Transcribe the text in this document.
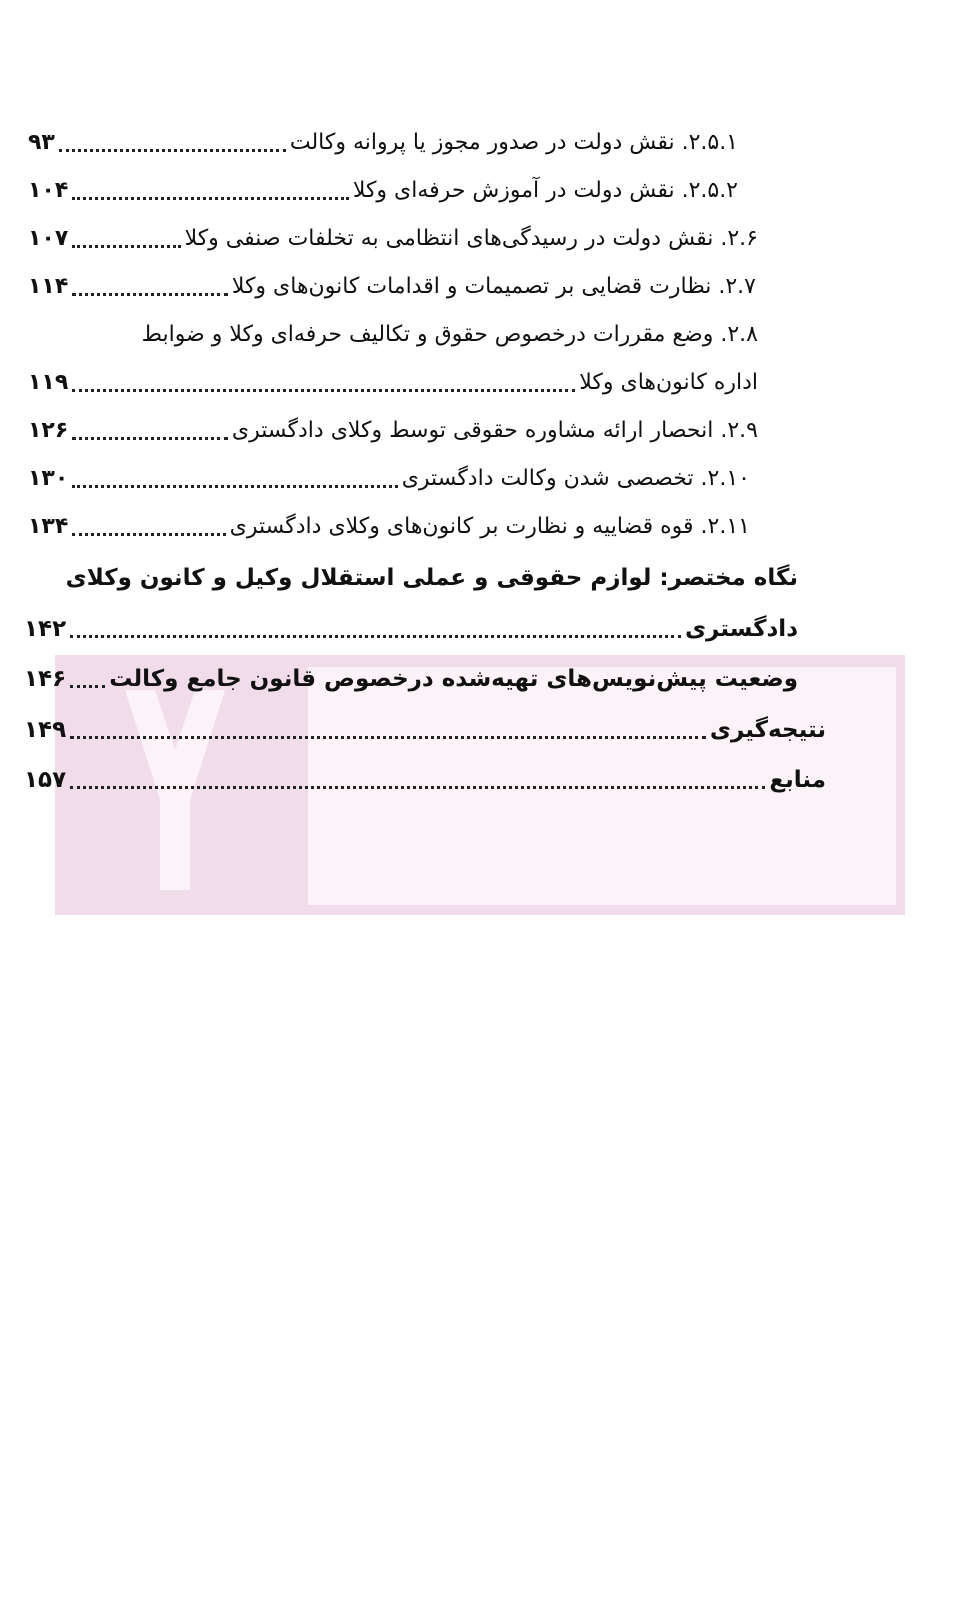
۲.۵.۱. نقش دولت در صدور مجوز یا پروانه وکالت
۹۳
۲.۵.۲. نقش دولت در آموزش حرفه‌ای وکلا
۱۰۴
۲.۶. نقش دولت در رسیدگی‌های انتظامی به تخلفات صنفی وکلا
۱۰۷
۲.۷. نظارت قضایی بر تصمیمات و اقدامات کانون‌های وکلا
۱۱۴
۲.۸. وضع مقررات درخصوص حقوق و تکالیف حرفه‌ای وکلا و ضوابط
اداره کانون‌های وکلا
۱۱۹
۲.۹. انحصار ارائه مشاوره حقوقی توسط وکلای دادگستری
۱۲۶
۲.۱۰. تخصصی شدن وکالت دادگستری
۱۳۰
۲.۱۱. قوه قضاییه و نظارت بر کانون‌های وکلای دادگستری
۱۳۴
نگاه مختصر: لوازم حقوقی و عملی استقلال وکیل و کانون وکلای
دادگستری
۱۴۲
وضعیت پیش‌نویس‌های تهیه‌شده درخصوص قانون جامع وکالت
۱۴۶
نتیجه‌گیری
۱۴۹
منابع
۱۵۷
